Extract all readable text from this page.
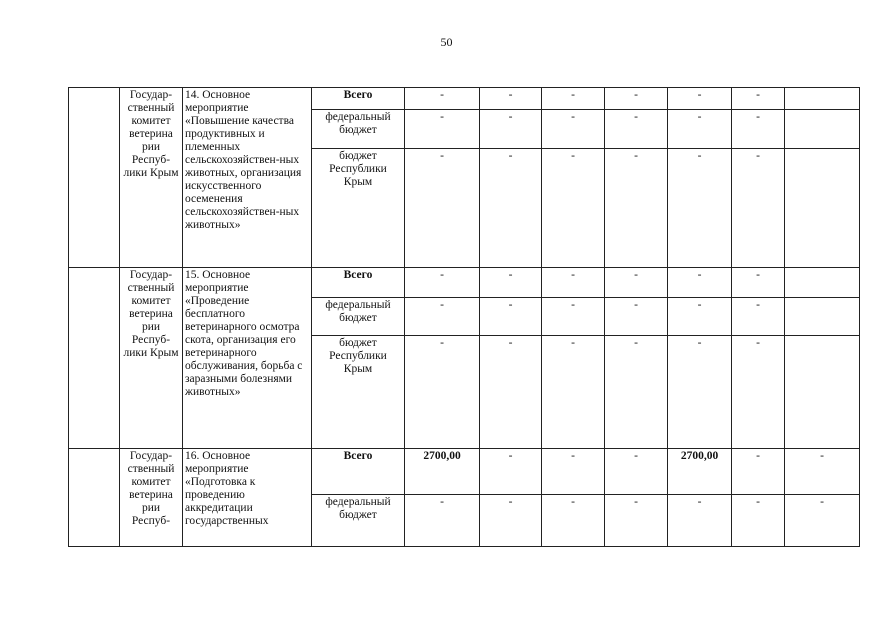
50
	Государ-ственный комитет ветерина рии Респуб-лики Крым	14. Основное мероприятие «Повышение качества продуктивных и племенных сельскохозяйствен-ных животных, организация искусственного осеменения сельскохозяйствен-ных животных»	Всего	-	-	-	-	-	-	
			федеральный бюджет	-	-	-	-	-	-	
			бюджет Республики Крым	-	-	-	-	-	-	
	Государ-ственный комитет ветерина рии Респуб-лики Крым	15. Основное мероприятие «Проведение бесплатного ветеринарного осмотра скота, организация его ветеринарного обслуживания, борьба с заразными болезнями животных»	Всего	-	-	-	-	-	-	
			федеральный бюджет	-	-	-	-	-	-	
			бюджет Республики Крым	-	-	-	-	-	-	
	Государ-ственный комитет ветерина рии Респуб-	16. Основное мероприятие «Подготовка к проведению аккредитации государственных	Всего	2700,00	-	-	-	2700,00	-	-
			федеральный бюджет	-	-	-	-	-	-	-
